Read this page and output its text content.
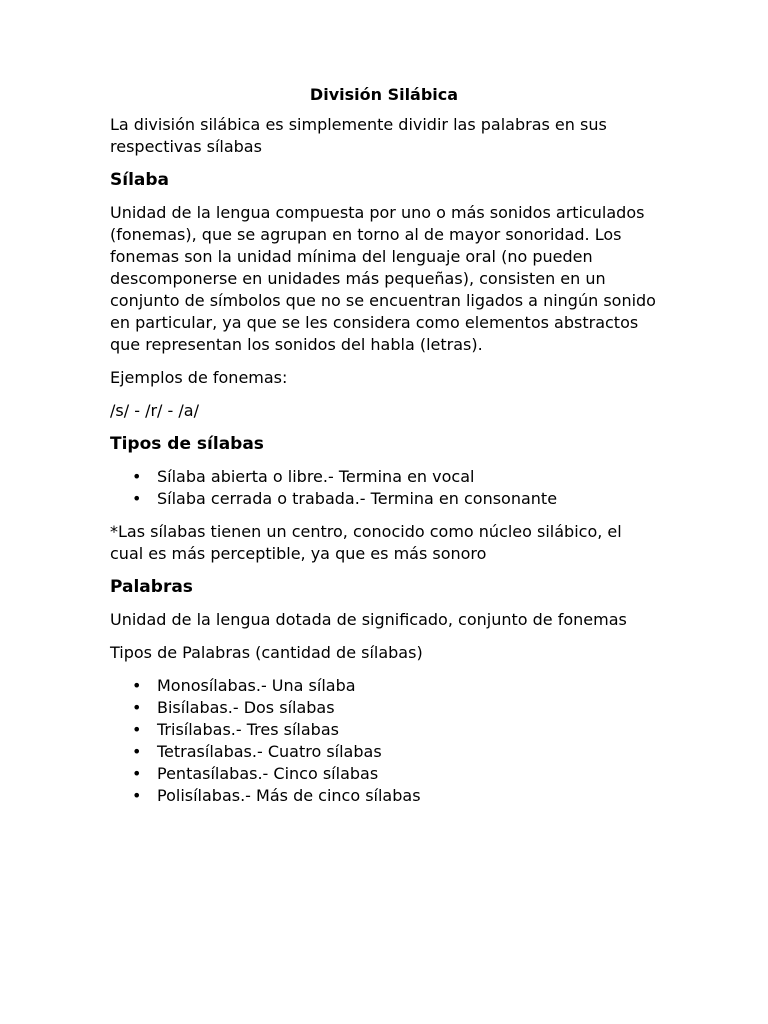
División Silábica

La división silábica es simplemente dividir las palabras en sus respectivas sílabas

Sílaba

Unidad de la lengua compuesta por uno o más sonidos articulados (fonemas), que se agrupan en torno al de mayor sonoridad. Los fonemas son la unidad mínima del lenguaje oral (no pueden descomponerse en unidades más pequeñas), consisten en un conjunto de símbolos que no se encuentran ligados a ningún sonido en particular, ya que se les considera como elementos abstractos que representan los sonidos del habla (letras).

Ejemplos de fonemas:

/s/ - /r/ - /a/

Tipos de sílabas
• Sílaba abierta o libre.- Termina en vocal
• Sílaba cerrada o trabada.- Termina en consonante

*Las sílabas tienen un centro, conocido como núcleo silábico, el cual es más perceptible, ya que es más sonoro

Palabras

Unidad de la lengua dotada de significado, conjunto de fonemas

Tipos de Palabras (cantidad de sílabas)

• Monosílabas.- Una sílaba
• Bisílabas.- Dos sílabas
• Trisílabas.- Tres sílabas
• Tetrasílabas.- Cuatro sílabas
• Pentasílabas.- Cinco sílabas
• Polisílabas.- Más de cinco sílabas
